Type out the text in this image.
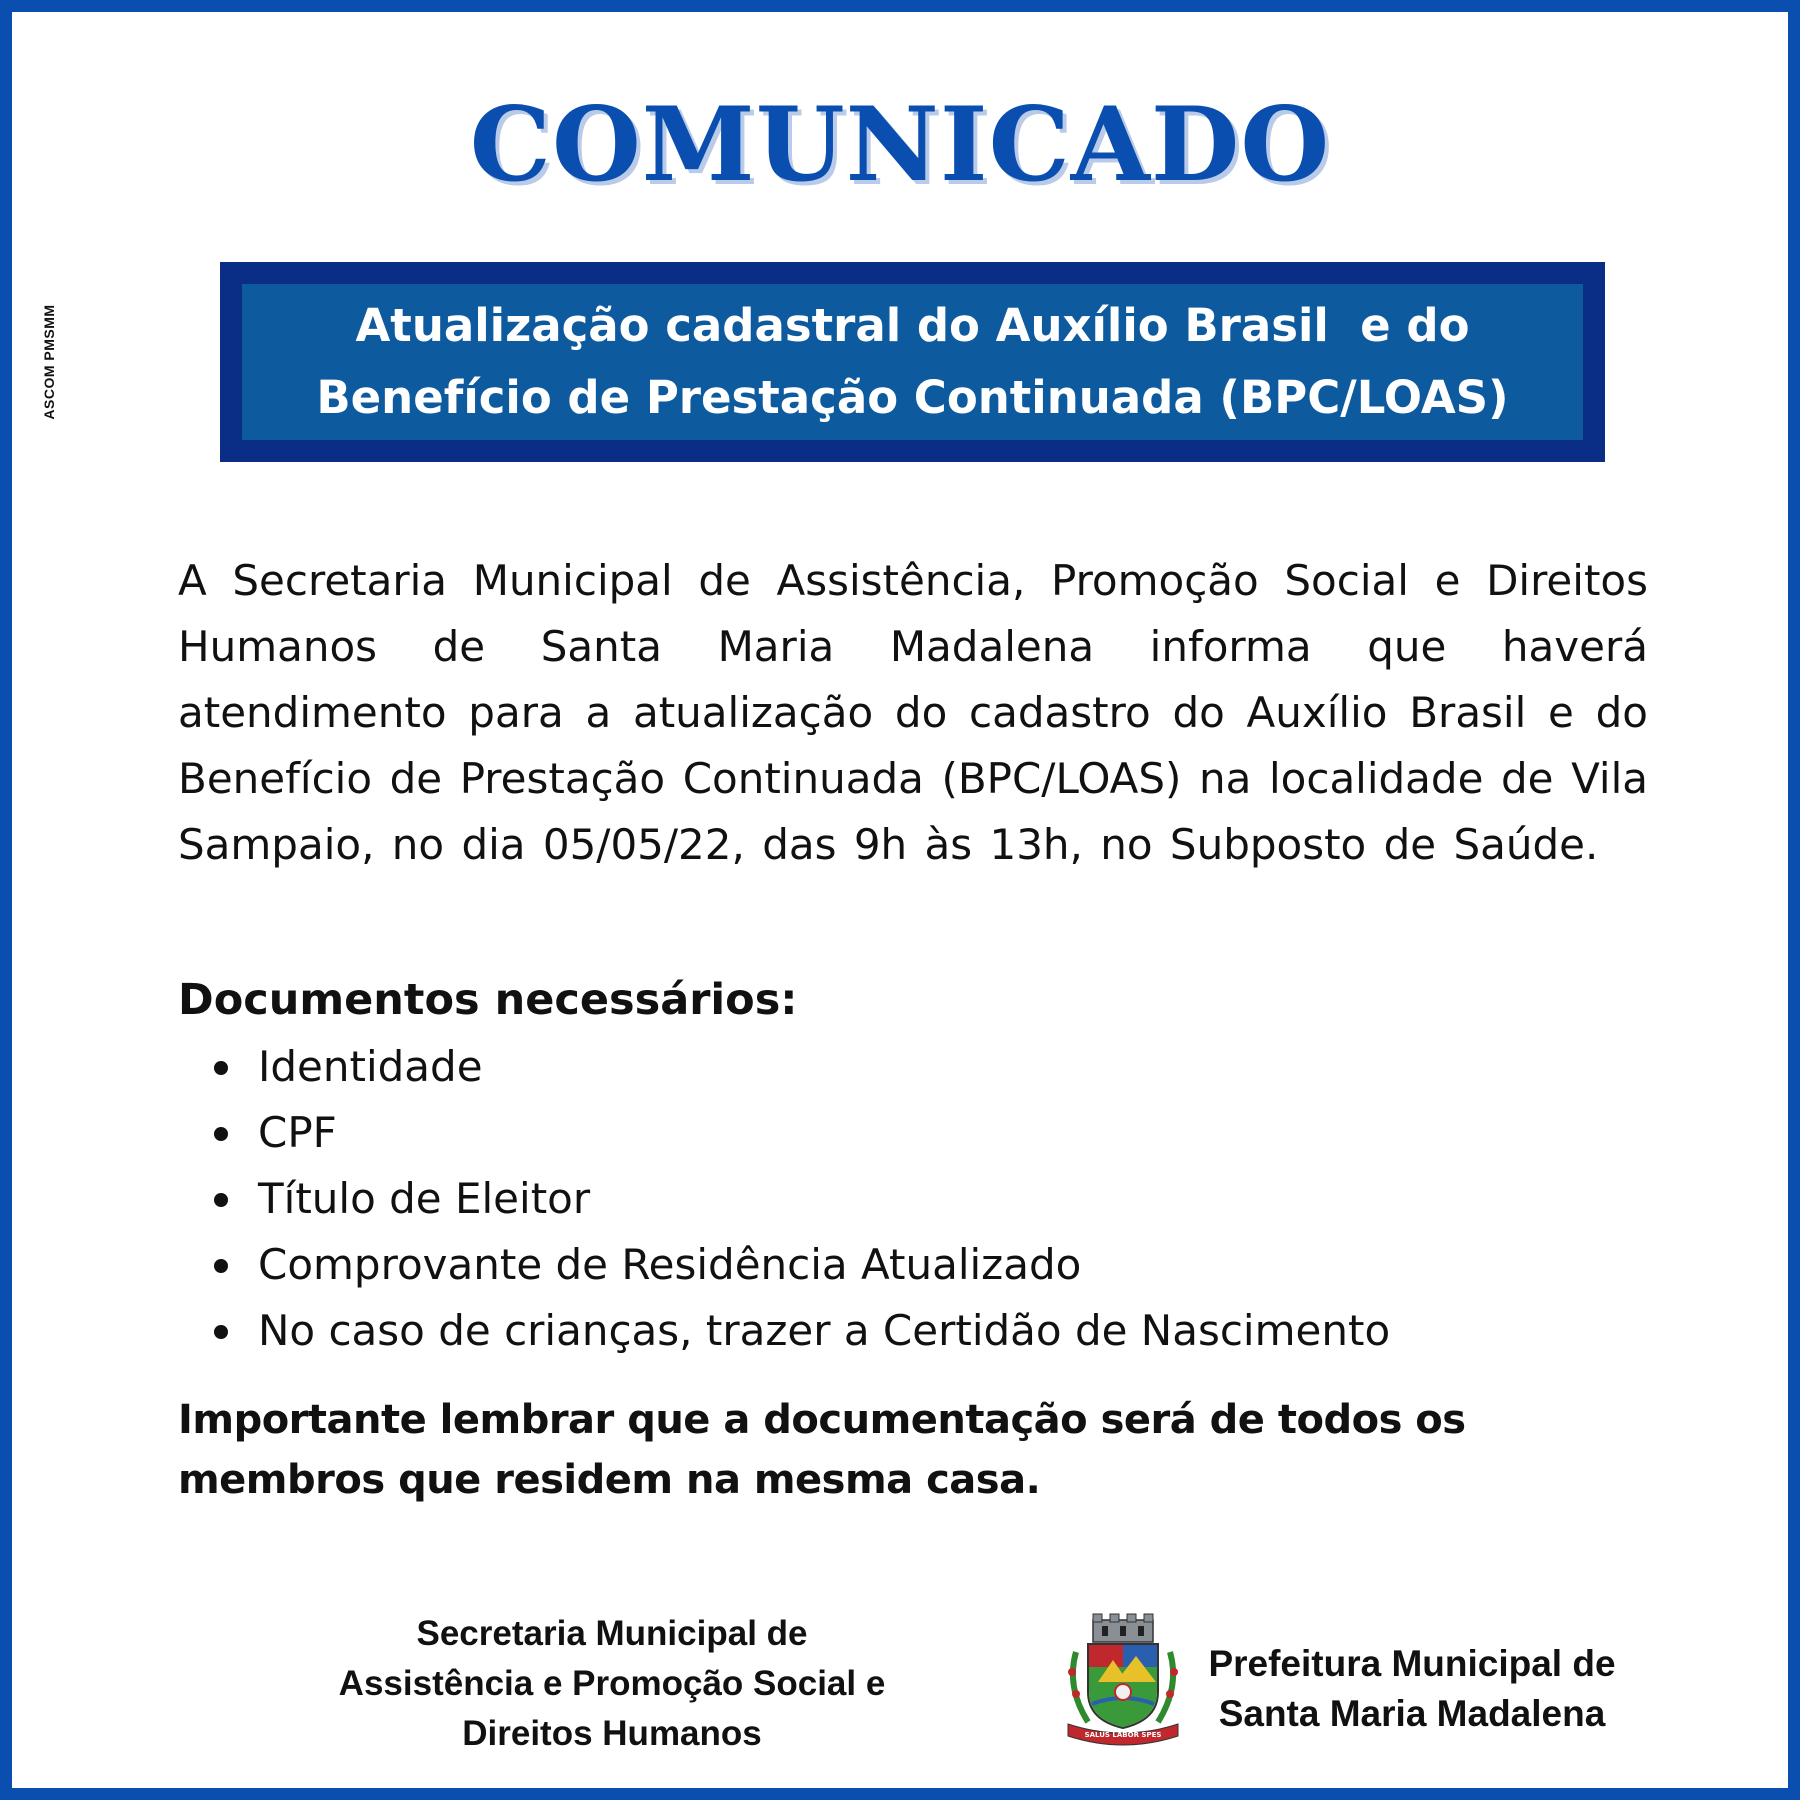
ASCOM PMSMM
COMUNICADO
Atualização cadastral do Auxílio Brasil  e do
Benefício de Prestação Continuada (BPC/LOAS)

A Secretaria Municipal de Assistência, Promoção Social e Direitos Humanos de Santa Maria Madalena informa que haverá atendimento para a atualização do cadastro do Auxílio Brasil e do Benefício de Prestação Continuada (BPC/LOAS) na localidade de Vila Sampaio, no dia 05/05/22, das 9h às 13h, no Subposto de Saúde.

Documentos necessários:
Identidade
CPF
Título de Eleitor
Comprovante de Residência Atualizado
No caso de crianças, trazer a Certidão de Nascimento
Importante lembrar que a documentação será de todos os membros que residem na mesma casa.
Secretaria Municipal de
Assistência e Promoção Social e
Direitos Humanos	SALUS LABOR SPES
27-4-1835	8-6-1862
Prefeitura Municipal de
Santa Maria Madalena
